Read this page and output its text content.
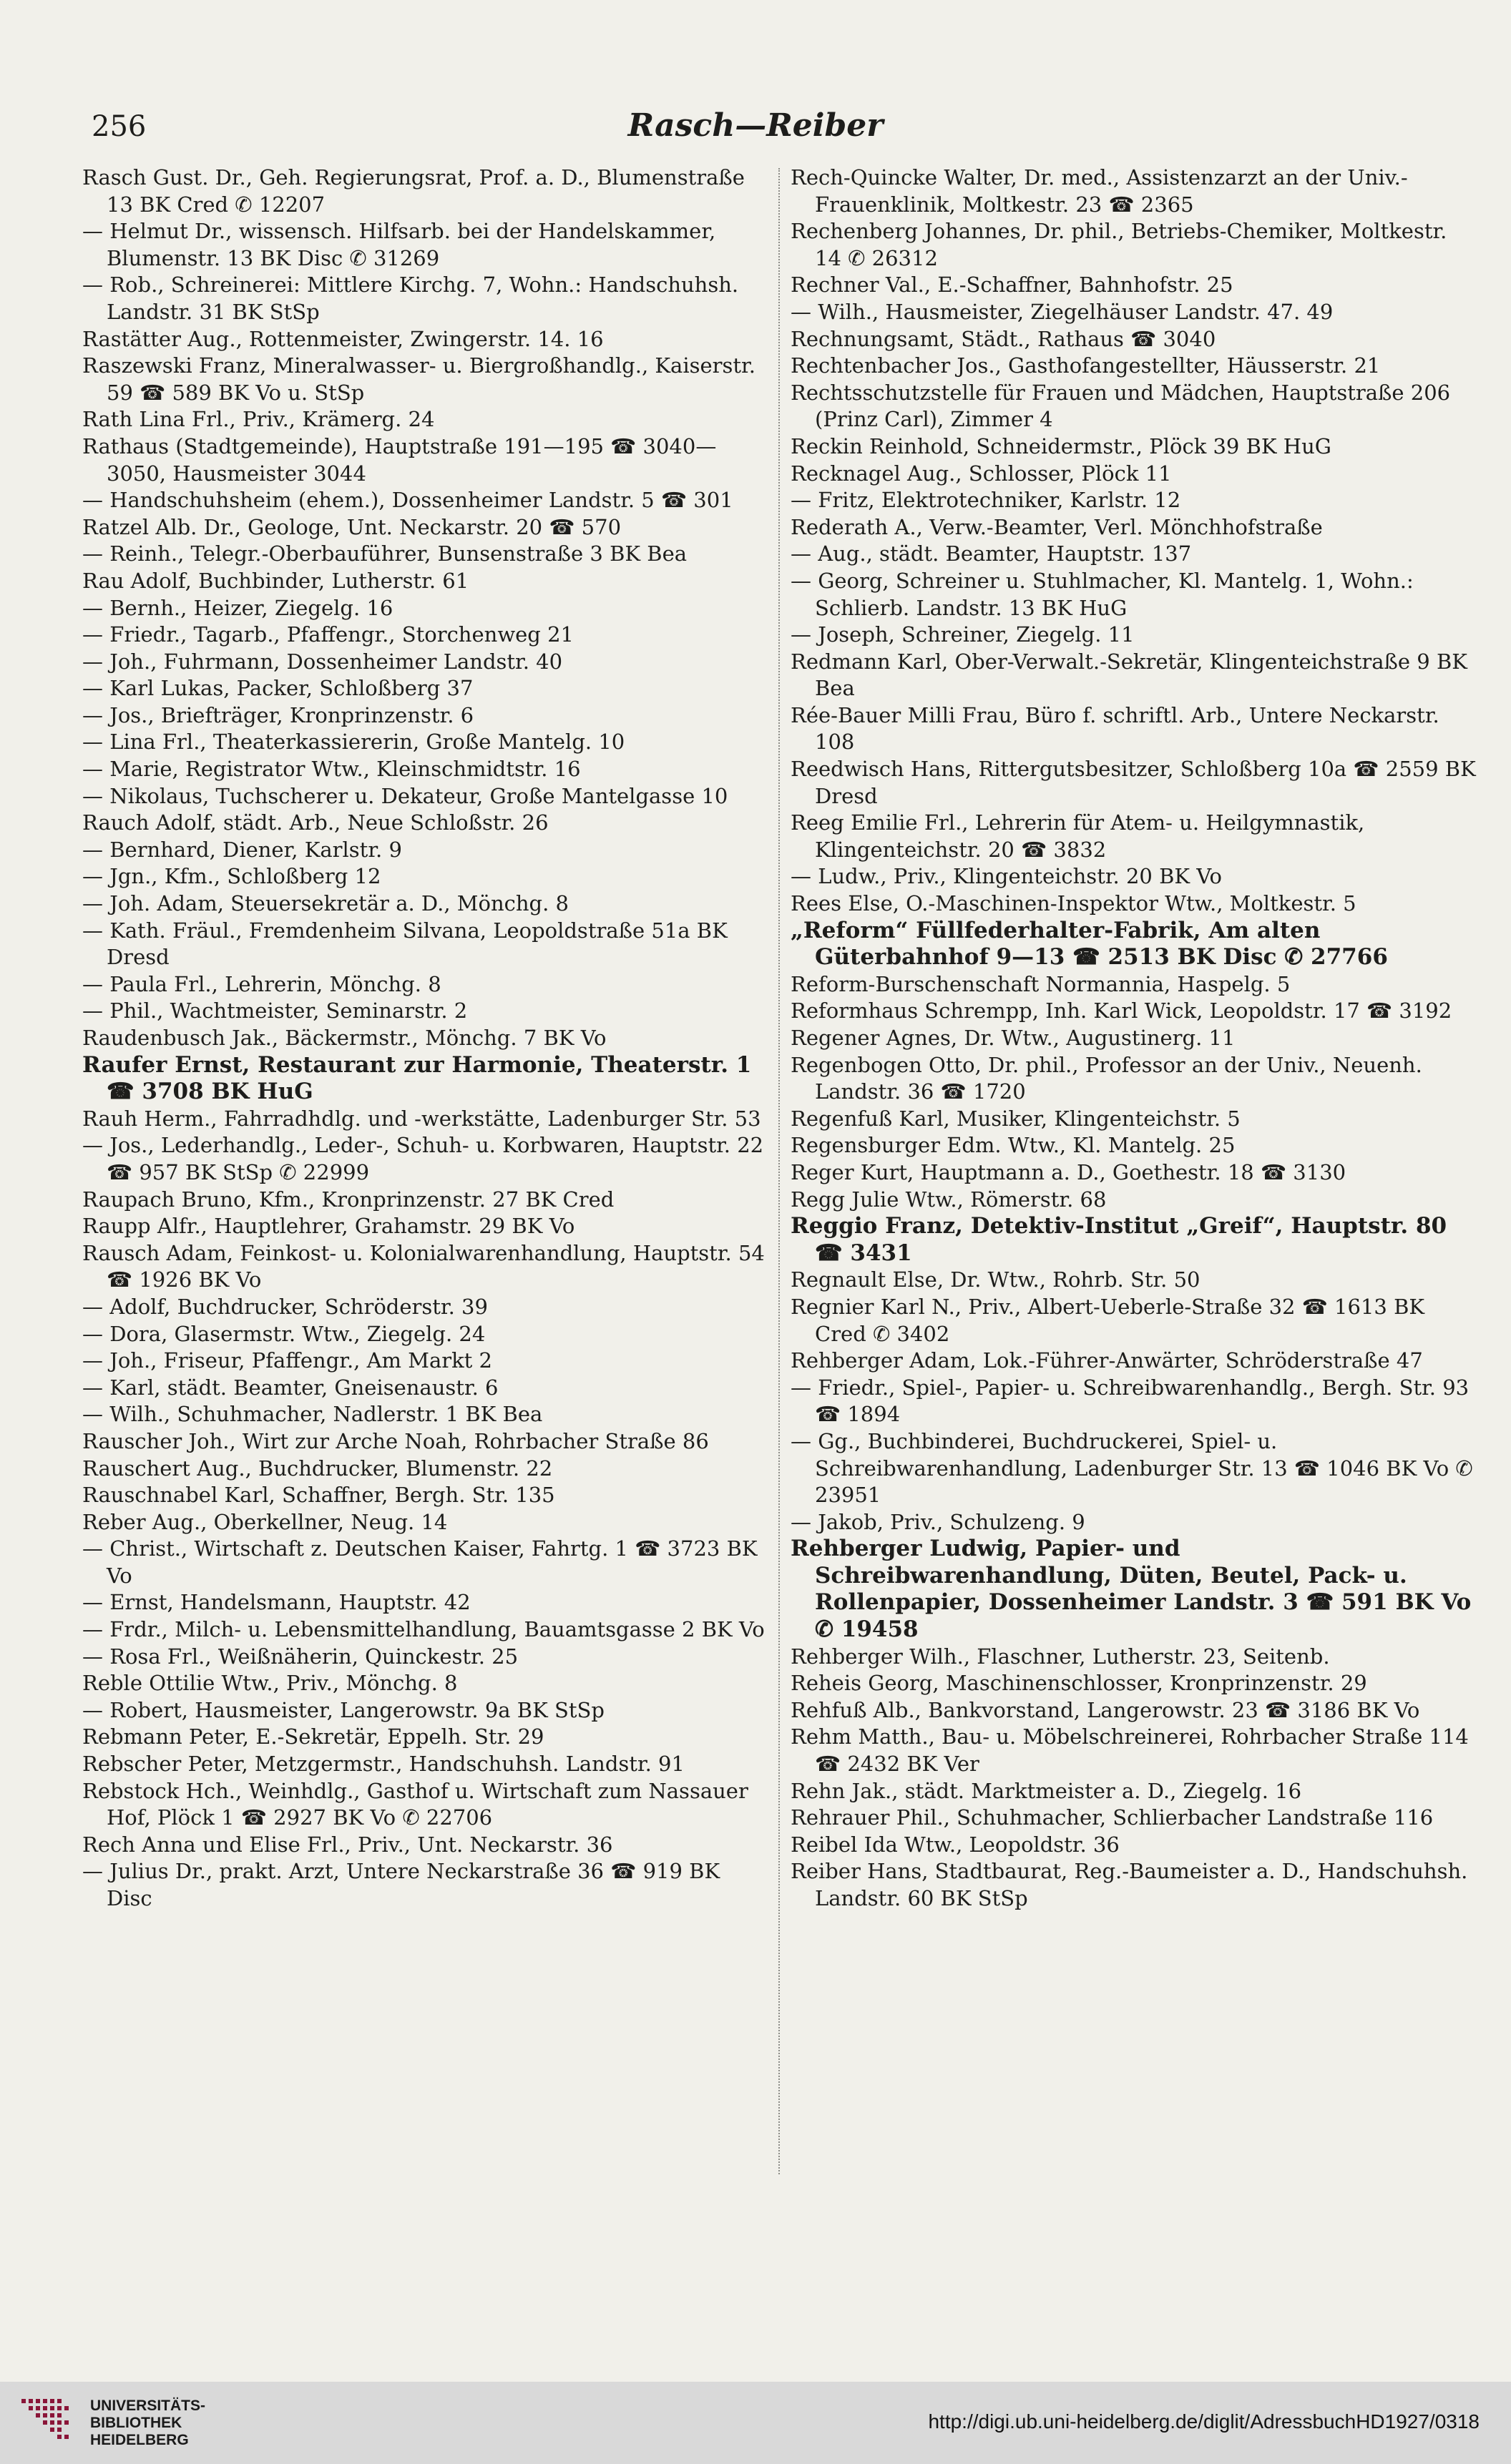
Rasch—Reiber
256

Rasch Gust. Dr., Geh. Regierungsrat, Prof. a. D., Blumenstraße 13 BK Cred ✆ 12207

— Helmut Dr., wissensch. Hilfsarb. bei der Handelskammer, Blumenstr. 13 BK Disc ✆ 31269

— Rob., Schreinerei: Mittlere Kirchg. 7, Wohn.: Handschuhsh. Landstr. 31 BK StSp

Rastätter Aug., Rottenmeister, Zwingerstr. 14. 16

Raszewski Franz, Mineralwasser- u. Biergroßhandlg., Kaiserstr. 59 ☎ 589 BK Vo u. StSp

Rath Lina Frl., Priv., Krämerg. 24

Rathaus (Stadtgemeinde), Hauptstraße 191—195 ☎ 3040—3050, Hausmeister 3044

— Handschuhsheim (ehem.), Dossenheimer Landstr. 5 ☎ 301

Ratzel Alb. Dr., Geologe, Unt. Neckarstr. 20 ☎ 570

— Reinh., Telegr.-Oberbauführer, Bunsenstraße 3 BK Bea

Rau Adolf, Buchbinder, Lutherstr. 61

— Bernh., Heizer, Ziegelg. 16

— Friedr., Tagarb., Pfaffengr., Storchenweg 21

— Joh., Fuhrmann, Dossenheimer Landstr. 40

— Karl Lukas, Packer, Schloßberg 37

— Jos., Briefträger, Kronprinzenstr. 6

— Lina Frl., Theaterkassiererin, Große Mantelg. 10

— Marie, Registrator Wtw., Kleinschmidtstr. 16

— Nikolaus, Tuchscherer u. Dekateur, Große Mantelgasse 10

Rauch Adolf, städt. Arb., Neue Schloßstr. 26

— Bernhard, Diener, Karlstr. 9

— Jgn., Kfm., Schloßberg 12

— Joh. Adam, Steuersekretär a. D., Mönchg. 8

— Kath. Fräul., Fremdenheim Silvana, Leopoldstraße 51a BK Dresd

— Paula Frl., Lehrerin, Mönchg. 8

— Phil., Wachtmeister, Seminarstr. 2

Raudenbusch Jak., Bäckermstr., Mönchg. 7 BK Vo

Raufer Ernst, Restaurant zur Harmonie, Theaterstr. 1 ☎ 3708 BK HuG

Rauh Herm., Fahrradhdlg. und -werkstätte, Ladenburger Str. 53

— Jos., Lederhandlg., Leder-, Schuh- u. Korbwaren, Hauptstr. 22 ☎ 957 BK StSp ✆ 22999

Raupach Bruno, Kfm., Kronprinzenstr. 27 BK Cred

Raupp Alfr., Hauptlehrer, Grahamstr. 29 BK Vo

Rausch Adam, Feinkost- u. Kolonialwarenhandlung, Hauptstr. 54 ☎ 1926 BK Vo

— Adolf, Buchdrucker, Schröderstr. 39

— Dora, Glasermstr. Wtw., Ziegelg. 24

— Joh., Friseur, Pfaffengr., Am Markt 2

— Karl, städt. Beamter, Gneisenaustr. 6

— Wilh., Schuhmacher, Nadlerstr. 1 BK Bea

Rauscher Joh., Wirt zur Arche Noah, Rohrbacher Straße 86

Rauschert Aug., Buchdrucker, Blumenstr. 22

Rauschnabel Karl, Schaffner, Bergh. Str. 135

Reber Aug., Oberkellner, Neug. 14

— Christ., Wirtschaft z. Deutschen Kaiser, Fahrtg. 1 ☎ 3723 BK Vo

— Ernst, Handelsmann, Hauptstr. 42

— Frdr., Milch- u. Lebensmittelhandlung, Bauamtsgasse 2 BK Vo

— Rosa Frl., Weißnäherin, Quinckestr. 25

Reble Ottilie Wtw., Priv., Mönchg. 8

— Robert, Hausmeister, Langerowstr. 9a BK StSp

Rebmann Peter, E.-Sekretär, Eppelh. Str. 29

Rebscher Peter, Metzgermstr., Handschuhsh. Landstr. 91

Rebstock Hch., Weinhdlg., Gasthof u. Wirtschaft zum Nassauer Hof, Plöck 1 ☎ 2927 BK Vo ✆ 22706

Rech Anna und Elise Frl., Priv., Unt. Neckarstr. 36

— Julius Dr., prakt. Arzt, Untere Neckarstraße 36 ☎ 919 BK Disc

Rech-Quincke Walter, Dr. med., Assistenzarzt an der Univ.-Frauenklinik, Moltkestr. 23 ☎ 2365

Rechenberg Johannes, Dr. phil., Betriebs-Chemiker, Moltkestr. 14 ✆ 26312

Rechner Val., E.-Schaffner, Bahnhofstr. 25

— Wilh., Hausmeister, Ziegelhäuser Landstr. 47. 49

Rechnungsamt, Städt., Rathaus ☎ 3040

Rechtenbacher Jos., Gasthofangestellter, Häusserstr. 21

Rechtsschutzstelle für Frauen und Mädchen, Hauptstraße 206 (Prinz Carl), Zimmer 4

Reckin Reinhold, Schneidermstr., Plöck 39 BK HuG

Recknagel Aug., Schlosser, Plöck 11

— Fritz, Elektrotechniker, Karlstr. 12

Rederath A., Verw.-Beamter, Verl. Mönchhofstraße

— Aug., städt. Beamter, Hauptstr. 137

— Georg, Schreiner u. Stuhlmacher, Kl. Mantelg. 1, Wohn.: Schlierb. Landstr. 13 BK HuG

— Joseph, Schreiner, Ziegelg. 11

Redmann Karl, Ober-Verwalt.-Sekretär, Klingenteichstraße 9 BK Bea

Rée-Bauer Milli Frau, Büro f. schriftl. Arb., Untere Neckarstr. 108

Reedwisch Hans, Rittergutsbesitzer, Schloßberg 10a ☎ 2559 BK Dresd

Reeg Emilie Frl., Lehrerin für Atem- u. Heilgymnastik, Klingenteichstr. 20 ☎ 3832

— Ludw., Priv., Klingenteichstr. 20 BK Vo

Rees Else, O.-Maschinen-Inspektor Wtw., Moltkestr. 5

„Reform“ Füllfederhalter-Fabrik, Am alten Güterbahnhof 9—13 ☎ 2513 BK Disc ✆ 27766

Reform-Burschenschaft Normannia, Haspelg. 5

Reformhaus Schrempp, Inh. Karl Wick, Leopoldstr. 17 ☎ 3192

Regener Agnes, Dr. Wtw., Augustinerg. 11

Regenbogen Otto, Dr. phil., Professor an der Univ., Neuenh. Landstr. 36 ☎ 1720

Regenfuß Karl, Musiker, Klingenteichstr. 5

Regensburger Edm. Wtw., Kl. Mantelg. 25

Reger Kurt, Hauptmann a. D., Goethestr. 18 ☎ 3130

Regg Julie Wtw., Römerstr. 68

Reggio Franz, Detektiv-Institut „Greif“, Hauptstr. 80 ☎ 3431

Regnault Else, Dr. Wtw., Rohrb. Str. 50

Regnier Karl N., Priv., Albert-Ueberle-Straße 32 ☎ 1613 BK Cred ✆ 3402

Rehberger Adam, Lok.-Führer-Anwärter, Schröderstraße 47

— Friedr., Spiel-, Papier- u. Schreibwarenhandlg., Bergh. Str. 93 ☎ 1894

— Gg., Buchbinderei, Buchdruckerei, Spiel- u. Schreibwarenhandlung, Ladenburger Str. 13 ☎ 1046 BK Vo ✆ 23951

— Jakob, Priv., Schulzeng. 9

Rehberger Ludwig, Papier- und Schreibwarenhandlung, Düten, Beutel, Pack- u. Rollenpapier, Dossenheimer Landstr. 3 ☎ 591 BK Vo ✆ 19458

Rehberger Wilh., Flaschner, Lutherstr. 23, Seitenb.

Reheis Georg, Maschinenschlosser, Kronprinzenstr. 29

Rehfuß Alb., Bankvorstand, Langerowstr. 23 ☎ 3186 BK Vo

Rehm Matth., Bau- u. Möbelschreinerei, Rohrbacher Straße 114 ☎ 2432 BK Ver

Rehn Jak., städt. Marktmeister a. D., Ziegelg. 16

Rehrauer Phil., Schuhmacher, Schlierbacher Landstraße 116

Reibel Ida Wtw., Leopoldstr. 36

Reiber Hans, Stadtbaurat, Reg.-Baumeister a. D., Handschuhsh. Landstr. 60 BK StSp

UNIVERSITÄTS-
BIBLIOTHEK
HEIDELBERG
http://digi.ub.uni-heidelberg.de/diglit/AdressbuchHD1927/0318
